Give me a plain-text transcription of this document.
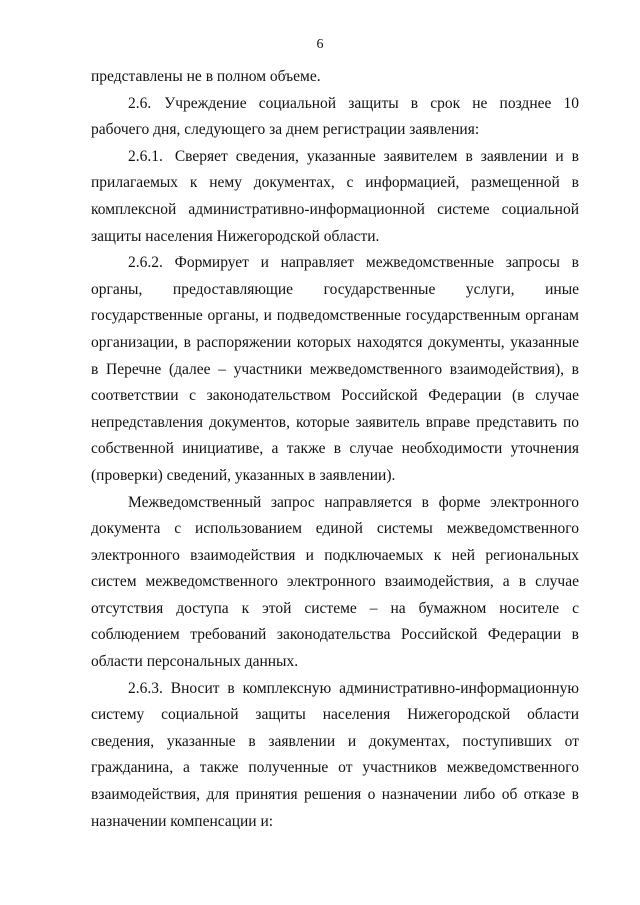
6

представлены не в полном объеме.

2.6. Учреждение социальной защиты в срок не позднее 10 рабочего дня, следующего за днем регистрации заявления:

2.6.1. Сверяет сведения, указанные заявителем в заявлении и в прилагаемых к нему документах, с информацией, размещенной в комплексной административно-информационной системе социальной защиты населения Нижегородской области.

2.6.2. Формирует и направляет межведомственные запросы в органы, предоставляющие государственные услуги, иные государственные органы, и подведомственные государственным органам организации, в распоряжении которых находятся документы, указанные в Перечне (далее – участники межведомственного взаимодействия), в соответствии с законодательством Российской Федерации (в случае непредставления документов, которые заявитель вправе представить по собственной инициативе, а также в случае необходимости уточнения (проверки) сведений, указанных в заявлении).

Межведомственный запрос направляется в форме электронного документа с использованием единой системы межведомственного электронного взаимодействия и подключаемых к ней региональных систем межведомственного электронного взаимодействия, а в случае отсутствия доступа к этой системе – на бумажном носителе с соблюдением требований законодательства Российской Федерации в области персональных данных.

2.6.3. Вносит в комплексную административно-информационную систему социальной защиты населения Нижегородской области сведения, указанные в заявлении и документах, поступивших от гражданина, а также полученные от участников межведомственного взаимодействия, для принятия решения о назначении либо об отказе в назначении компенсации и:
